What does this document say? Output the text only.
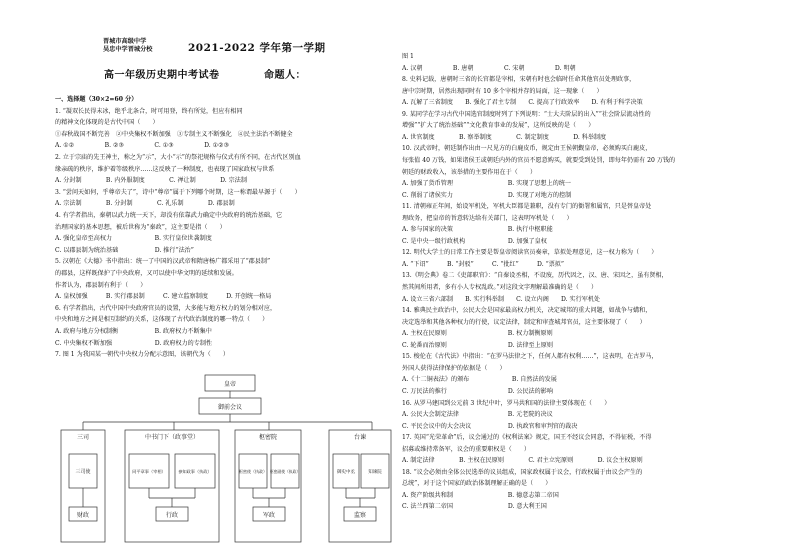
晋城市高级中学
吴忠中学晋城分校	2021-2022 学年第一学期
高一年级历史期中考试卷	命题人：
一、选择题（30×2=60 分）
1. “凝双长民得未冰，绝乎北条合，时可用登，终有所觉，但应有相同
的精神文化体现的是古代中国（　　）
①春秋战国不断完善　②中央集权不断加强　③专制主义不断强化　④民主法治不断健全
A. ①②　　　　　B. ②③　　　　　C. ①③　　　　　D. ①②③
2. 立于宗庙的先王神主，称之为“示”，大小“示”的祭祀规格与仪式有所不同，在古代区别血
缘亲疏的秩序，维护着等级秩序……这反映了一种制度，也表现了国家政权与世系
A. 分封制　　　　B. 内外服制度　　　　C. 禅让制　　　　D. 宗法制
3. “尝问天如何，乎尊帝夫了”，诗中“尊帝”属于下列哪个时期，这一称谓最早源于（　　）
A. 宗法制　　　　B. 分封制　　　　C. 礼乐制　　　　D. 郡县制
4. 有学者指出，秦朝以武力统一天下，却没有依靠武力确定中央政府的统治基础，它
治理国家的基本思想，被后世称为“秦政”，这主要是指（　　）
A. 强化皇帝至高权力　　　　　　　B. 实行皇位世袭制度
C. 以郡县制为统治基础　　　　　　D. 推行“法治”
5. 汉朝在《大德》书中指出：统一了中国的汉武帝和隋唐杨广都采用了“郡县制”
的郡县，这样既保护了中央政府，又可以使中华文明的延续和发展。
作者认为，郡县制有利于（　　）
A. 皇权加强　　　B. 实行郡县制　　　C. 建立监察制度　　　D. 开创统一格局
6. 有学者指出，古代中国中央政府官员的设置，大多能与地方权力的划分相对应，
中央和地方之间是相互制约的关系，这体现了古代政治制度的哪一特点（　　）
A. 政府与地方分权制衡　　　　　　B. 政府权力不断集中
C. 中央集权不断加强　　　　　　　D. 政府权力的专制性
7. 图 1 为我国某一朝代中央权力分配示意图，该朝代为（　　）
皇帝
御前会议
三司	中书门下（政事堂）	枢密院	台谏
三司使	同平章事（宰相）	参知政事（执政）	枢密使（执政） 枢密副使（执政）	御史中丞	知谏院
财政	行政	军政	监察
图 1
A. 汉朝　　　　　B. 唐朝　　　　　C. 宋朝　　　　　D. 明朝
8. 史料记载，唐朝时三省的长官都是宰相，宋朝有时也会临时任命其他官员处理政事，
唐中宗时期，居然出现同时有 10 多个宰相并存的局面，这一现象（　　）
A. 瓦解了三省制度　　B. 强化了君主专制　　C. 提高了行政效率　　D. 有利于科学决策
9. 某同学在学习古代中国选官制度时列了下列说明：“士大夫阶层的出入”“社会阶层流动性的
增强”“扩大了统治基础”“文化教育事业的发展”，这所反映的是（　　）
A. 世官制度　　　　B. 察举制度　　　　C. 制定制度　　　　D. 科举制度
10. 汉武帝时，朝廷制作出由一尺见方的白鹿皮币，规定由王侯朝觐皇帝，必须购买白鹿皮，
每张值 40 万钱，如果诸侯王或朝廷内外的官员不愿意购买，就要受到处罚，即每年仍需有 20 万钱的
朝廷的财政收入，该举措的主要作用在于（　　）
A. 加强了货币管理　　　　　　　　　B. 实现了思想上的统一
C. 削弱了诸侯实力　　　　　　　　　D. 实现了对地方的控制
11. 清朝雍正年间，始设军机处，军机大臣都是兼职，没有专门的衙署和属官，只是替皇帝处
理政务，把皇帝的旨意转达给有关部门，这表明军机处（　　）
A. 参与国家的决策　　　　　　　　　B. 执行中枢职能
C. 是中央一级行政机构　　　　　　　D. 加强了皇权
12. 明代大学士的日常工作主要是帮皇帝阅读官员奏章，草拟处理意见，这一权力称为（　　）
A. “下诏”　　　B. “封驳”　　　C. “批红”　　　D. “票拟”
13.《明会典》卷二《吏部职官》：“自秦设丞相，不设废，历代因之，汉、唐、宋因之，虽有贤相，
然其间所用者，多有小人专权乱政。”对这段文字理解最准确的是（　　）
A. 设立三省六部制　　B. 实行科举制　　C. 设立内阁　　D. 实行军机处
14. 雅典民主政治中，公民大会是国家最高权力机关，决定城邦的重大问题，如战争与媾和，
决定选举和其他各种权力的行使，议定法律，制定和审查城邦官员，这主要体现了（　　）
A. 主权在民原则　　　　　　　　　　B. 权力制衡原则
C. 轮番而治原则　　　　　　　　　　D. 法律至上原则
15. 梭伦在《古代法》中指出：“在罗马法律之下，任何人都有权利……”，这表明，在古罗马，
外国人获得法律保护的依据是（　　）
A.《十二铜表法》的颁布　　　　　　　B. 自然法的发展
C. 万民法的推行　　　　　　　　　　D. 公民法的影响
16. 从罗马建国到公元前 3 世纪中叶，罗马共和国的法律主要体现在（　　）
A. 公民大会制定法律　　　　　　　　B. 元老院的决议
C. 平民会议中的大会决议　　　　　　D. 执政官和审判官的裁决
17. 英国“光荣革命”后，议会通过的《权利法案》规定，国王不经议会同意，不得征税，不得
招募或维持常备军，议会的重要职权是（　　）
A. 制定法律　　　　B. 主权在民原则　　　　C. 君主立宪原则　　　　D. 议会主权原则
18. “议会必须由全体公民选举的议员组成，国家政权属于议会，行政权属于由议会产生的
总统”，对于这个国家的政治体制理解正确的是（　　）
A. 资产阶级共和制　　　　　　　　　B. 德意志第二帝国
C. 法兰西第二帝国　　　　　　　　　D. 意大利王国
